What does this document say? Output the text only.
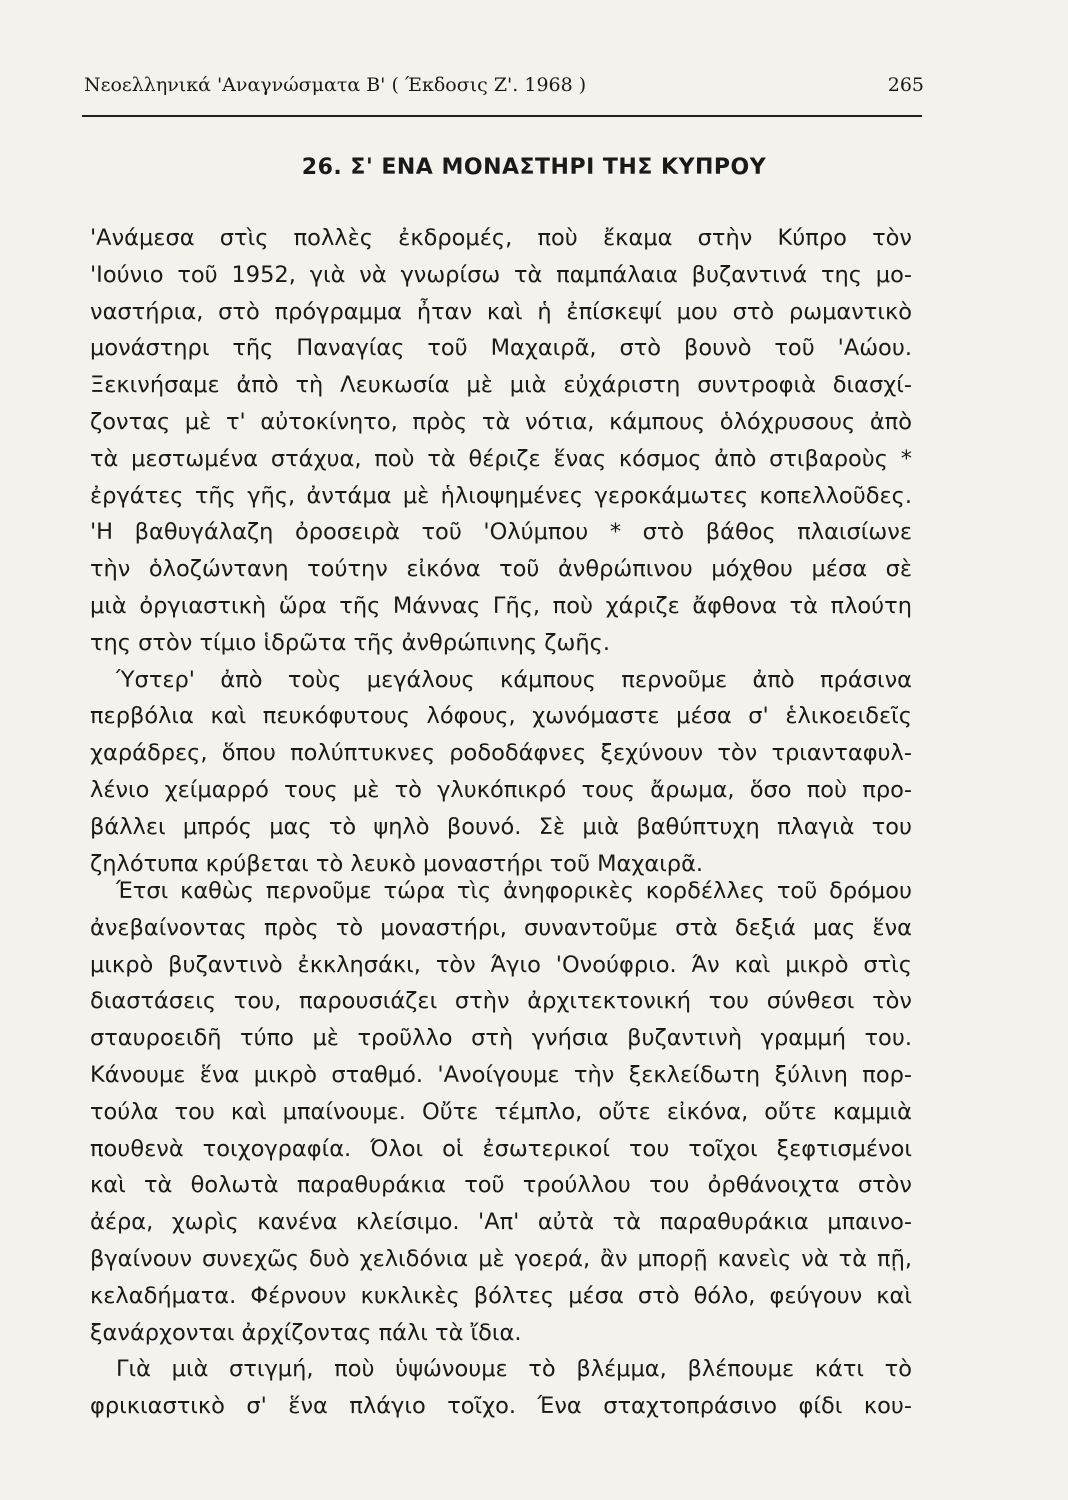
Νεοελληνικά 'Αναγνώσματα Β' ( Έκδοσις Ζ'. 1968 )	265
26. Σ' ΕΝΑ ΜΟΝΑΣΤΗΡΙ ΤΗΣ ΚΥΠΡΟΥ
'Ανάμεσα στὶς πολλὲς ἐκδρομές, ποὺ ἔκαμα στὴν Κύπρο τὸν
'Ιούνιο τοῦ 1952, γιὰ νὰ γνωρίσω τὰ παμπάλαια βυζαντινά της μο-
ναστήρια, στὸ πρόγραμμα ἦταν καὶ ἡ ἐπίσκεψί μου στὸ ρωμαντικὸ
μονάστηρι τῆς Παναγίας τοῦ Μαχαιρᾶ, στὸ βουνὸ τοῦ 'Αώου.
Ξεκινήσαμε ἀπὸ τὴ Λευκωσία μὲ μιὰ εὐχάριστη συντροφιὰ διασχί-
ζοντας μὲ τ' αὐτοκίνητο, πρὸς τὰ νότια, κάμπους ὁλόχρυσους ἀπὸ
τὰ μεστωμένα στάχυα, ποὺ τὰ θέριζε ἕνας κόσμος ἀπὸ στιβαροὺς *
ἐργάτες τῆς γῆς, ἀντάμα μὲ ἡλιοψημένες γεροκάμωτες κοπελλοῦδες.
'Η βαθυγάλαζη ὀροσειρὰ τοῦ 'Ολύμπου * στὸ βάθος πλαισίωνε
τὴν ὁλοζώντανη τούτην εἰκόνα τοῦ ἀνθρώπινου μόχθου μέσα σὲ
μιὰ ὀργιαστικὴ ὥρα τῆς Μάννας Γῆς, ποὺ χάριζε ἄφθονα τὰ πλούτη
της στὸν τίμιο ἱδρῶτα τῆς ἀνθρώπινης ζωῆς.
Ύστερ' ἀπὸ τοὺς μεγάλους κάμπους περνοῦμε ἀπὸ πράσινα
περβόλια καὶ πευκόφυτους λόφους, χωνόμαστε μέσα σ' ἑλικοειδεῖς
χαράδρες, ὅπου πολύπτυκνες ροδοδάφνες ξεχύνουν τὸν τριανταφυλ-
λένιο χείμαρρό τους μὲ τὸ γλυκόπικρό τους ἄρωμα, ὅσο ποὺ προ-
βάλλει μπρός μας τὸ ψηλὸ βουνό. Σὲ μιὰ βαθύπτυχη πλαγιὰ του
ζηλότυπα κρύβεται τὸ λευκὸ μοναστήρι τοῦ Μαχαιρᾶ.
Έτσι καθὼς περνοῦμε τώρα τὶς ἀνηφορικὲς κορδέλλες τοῦ δρόμου
ἀνεβαίνοντας πρὸς τὸ μοναστήρι, συναντοῦμε στὰ δεξιά μας ἕνα
μικρὸ βυζαντινὸ ἐκκλησάκι, τὸν Άγιο 'Ονούφριο. Άν καὶ μικρὸ στὶς
διαστάσεις του, παρουσιάζει στὴν ἀρχιτεκτονική του σύνθεσι τὸν
σταυροειδῆ τύπο μὲ τροῦλλο στὴ γνήσια βυζαντινὴ γραμμή του.
Κάνουμε ἕνα μικρὸ σταθμό. 'Ανοίγουμε τὴν ξεκλείδωτη ξύλινη πορ-
τούλα του καὶ μπαίνουμε. Οὔτε τέμπλο, οὔτε εἰκόνα, οὔτε καμμιὰ
πουθενὰ τοιχογραφία. Όλοι οἱ ἐσωτερικοί του τοῖχοι ξεφτισμένοι
καὶ τὰ θολωτὰ παραθυράκια τοῦ τρούλλου του ὀρθάνοιχτα στὸν
ἀέρα, χωρὶς κανένα κλείσιμο. 'Απ' αὐτὰ τὰ παραθυράκια μπαινο-
βγαίνουν συνεχῶς δυὸ χελιδόνια μὲ γοερά, ἂν μπορῇ κανεὶς νὰ τὰ πῇ,
κελαδήματα. Φέρνουν κυκλικὲς βόλτες μέσα στὸ θόλο, φεύγουν καὶ
ξανάρχονται ἀρχίζοντας πάλι τὰ ἴδια.
Γιὰ μιὰ στιγμή, ποὺ ὑψώνουμε τὸ βλέμμα, βλέπουμε κάτι τὸ
φρικιαστικὸ σ' ἕνα πλάγιο τοῖχο. Ένα σταχτοπράσινο φίδι κου-
